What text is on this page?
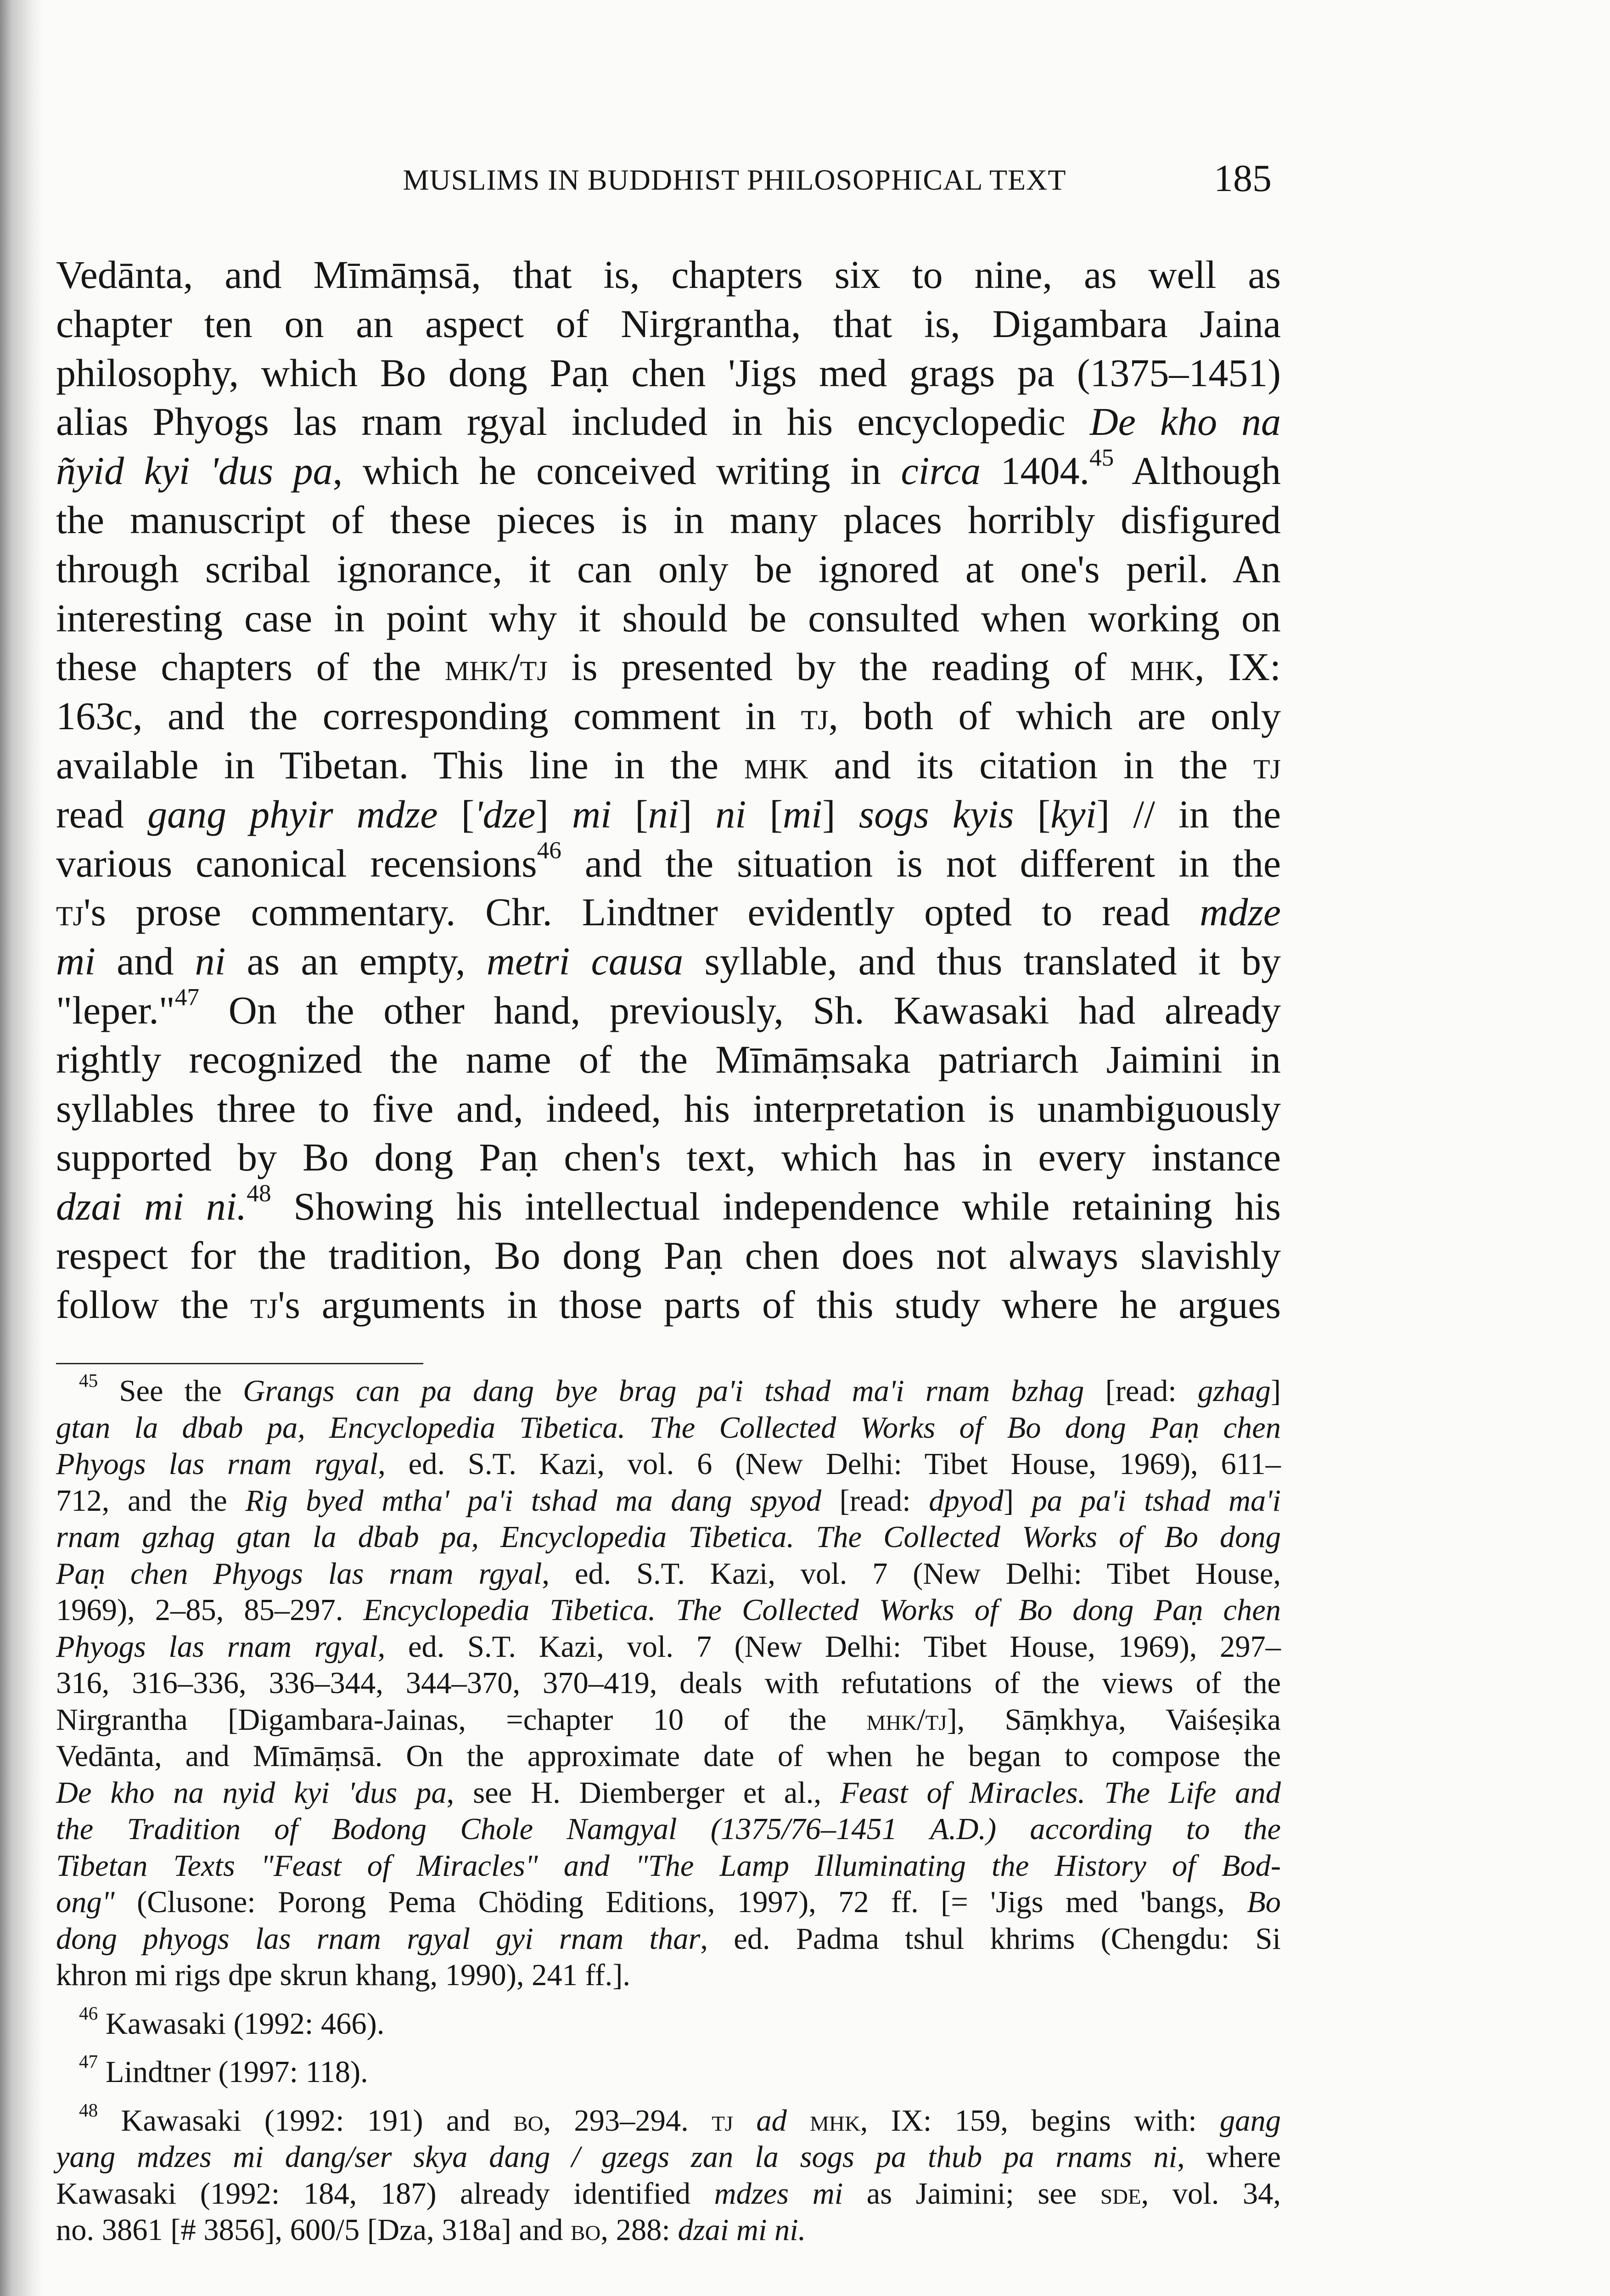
MUSLIMS IN BUDDHIST PHILOSOPHICAL TEXT	185
Vedānta, and Mīmāṃsā, that is, chapters six to nine, as well as
chapter ten on an aspect of Nirgrantha, that is, Digambara Jaina
philosophy, which Bo dong Paṇ chen 'Jigs med grags pa (1375–1451)
alias Phyogs las rnam rgyal included in his encyclopedic De kho na
ñyid kyi 'dus pa, which he conceived writing in circa 1404.45 Although
the manuscript of these pieces is in many places horribly disfigured
through scribal ignorance, it can only be ignored at one's peril. An
interesting case in point why it should be consulted when working on
these chapters of the mhk/tj is presented by the reading of mhk, IX:
163c, and the corresponding comment in tj, both of which are only
available in Tibetan. This line in the mhk and its citation in the tj
read gang phyir mdze ['dze] mi [ni] ni [mi] sogs kyis [kyi] // in the
various canonical recensions$^{46}$ and the situation is not different in the
tj's prose commentary. Chr. Lindtner evidently opted to read mdze
mi and ni as an empty, metri causa syllable, and thus translated it by
"leper."$^{47}$ On the other hand, previously, Sh. Kawasaki had already
rightly recognized the name of the Mīmāṃsaka patriarch Jaimini in
syllables three to five and, indeed, his interpretation is unambiguously
supported by Bo dong Paṇ chen's text, which has in every instance
dzai mi ni.$^{48}$ Showing his intellectual independence while retaining his
respect for the tradition, Bo dong Paṇ chen does not always slavishly
follow the tj's arguments in those parts of this study where he argues
$^{45}$ See the Grangs can pa dang bye brag pa'i tshad ma'i rnam bzhag [read: gzhag]
gtan la dbab pa, Encyclopedia Tibetica. The Collected Works of Bo dong Paṇ chen
Phyogs las rnam rgyal, ed. S.T. Kazi, vol. 6 (New Delhi: Tibet House, 1969), 611–
712, and the Rig byed mtha' pa'i tshad ma dang spyod [read: dpyod] pa pa'i tshad ma'i
rnam gzhag gtan la dbab pa, Encyclopedia Tibetica. The Collected Works of Bo dong
Paṇ chen Phyogs las rnam rgyal, ed. S.T. Kazi, vol. 7 (New Delhi: Tibet House,
1969), 2–85, 85–297. Encyclopedia Tibetica. The Collected Works of Bo dong Paṇ chen
Phyogs las rnam rgyal, ed. S.T. Kazi, vol. 7 (New Delhi: Tibet House, 1969), 297–
316, 316–336, 336–344, 344–370, 370–419, deals with refutations of the views of the
Nirgrantha [Digambara-Jainas, =chapter 10 of the mhk/tj], Sāṃkhya, Vaiśeṣika
Vedānta, and Mīmāṃsā. On the approximate date of when he began to compose the
De kho na nyid kyi 'dus pa, see H. Diemberger et al., Feast of Miracles. The Life and
the Tradition of Bodong Chole Namgyal (1375/76–1451 A.D.) according to the
Tibetan Texts "Feast of Miracles" and "The Lamp Illuminating the History of Bod-
ong" (Clusone: Porong Pema Chöding Editions, 1997), 72 ff. [= 'Jigs med 'bangs, Bo
dong phyogs las rnam rgyal gyi rnam thar, ed. Padma tshul khrims (Chengdu: Si
khron mi rigs dpe skrun khang, 1990), 241 ff.].
$^{46}$ Kawasaki (1992: 466).
$^{47}$ Lindtner (1997: 118).
$^{48}$ Kawasaki (1992: 191) and bo, 293–294. tj ad mhk, IX: 159, begins with: gang
yang mdzes mi dang/ser skya dang / gzegs zan la sogs pa thub pa rnams ni, where
Kawasaki (1992: 184, 187) already identified mdzes mi as Jaimini; see sde, vol. 34,
no. 3861 [# 3856], 600/5 [Dza, 318a] and bo, 288: dzai mi ni.
